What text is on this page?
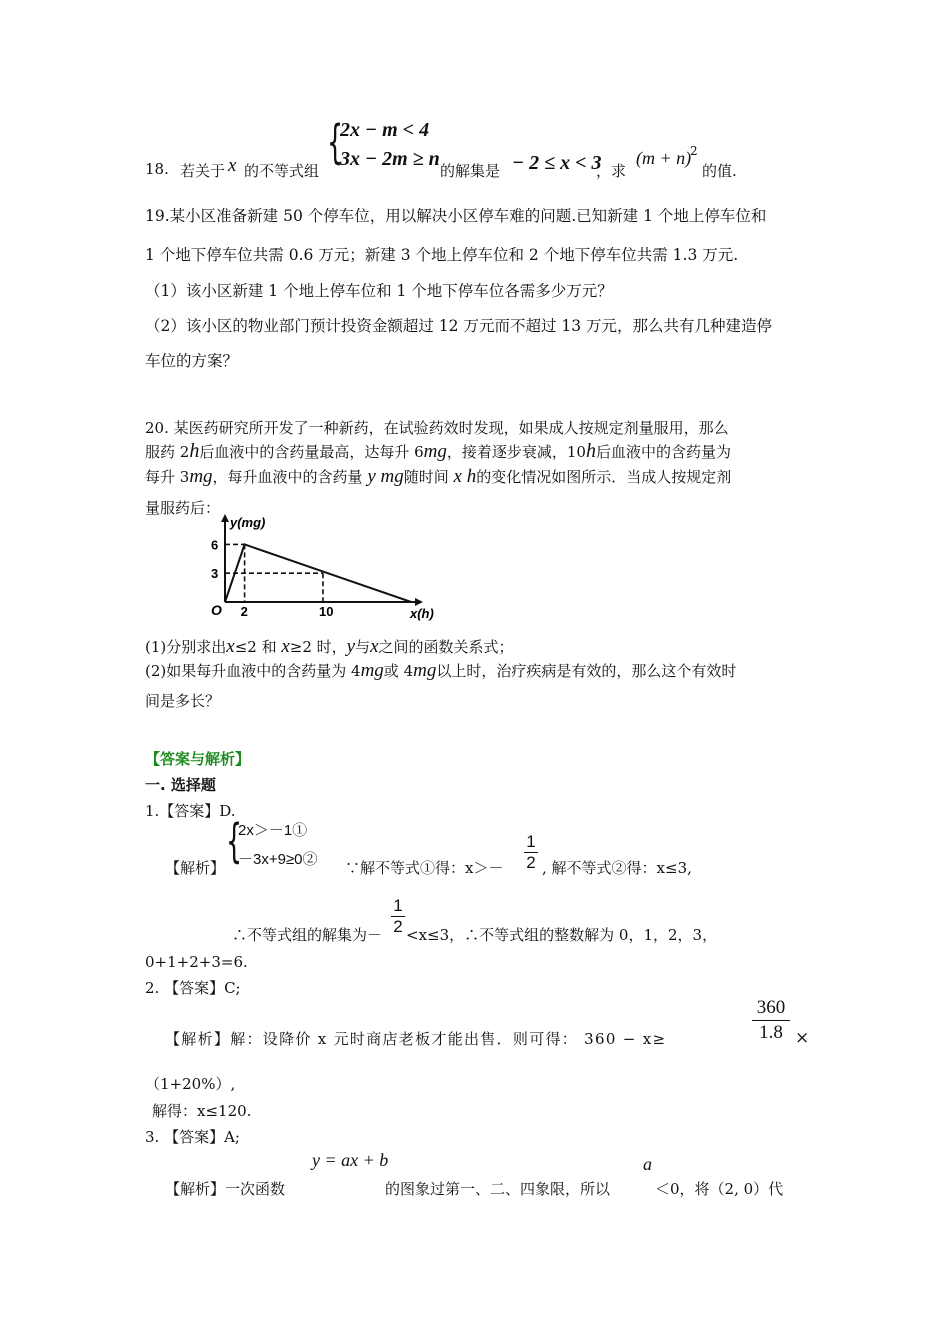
18. 若关于 x 的不等式组
{
2x − m < 4
3x − 2m ≥ n
的解集是 − 2 ≤ x < 3
，求
(m + n)
2
的值.
19.某小区准备新建 50 个停车位，用以解决小区停车难的问题.已知新建 1 个地上停车位和
1 个地下停车位共需 0.6 万元；新建 3 个地上停车位和 2 个地下停车位共需 1.3 万元.
（1）该小区新建 1 个地上停车位和 1 个地下停车位各需多少万元？
（2）该小区的物业部门预计投资金额超过 12 万元而不超过 13 万元，那么共有几种建造停
车位的方案？
20. 某医药研究所开发了一种新药，在试验药效时发现，如果成人按规定剂量服用，那么
服药 2h后血液中的含药量最高，达每升 6mg，接着逐步衰减，10h后血液中的含药量为
每升 3mg，每升血液中的含药量 y mg随时间 x h的变化情况如图所示．当成人按规定剂
量服药后：
y(mg)
x(h)
O 2	10
6
3
(1)分别求出x≤2 和 x≥2 时，y与x之间的函数关系式；
(2)如果每升血液中的含药量为 4mg或 4mg以上时，治疗疾病是有效的，那么这个有效时
间是多长？
【答案与解析】
一. 选择题
1.【答案】D.
【解析】 {
2x＞－1①
－3x+9≥0② ∵解不等式①得：$x>- \frac{1}{2}$ , 解不等式②得：x≤3,
∴不等式组的解集为－ $\frac{1}{2} <x\le 3$，∴不等式组的整数解为 0，1，2，3，
0+1+2+3=6.
2. 【答案】C;
【解析】解：设降价 x 元时商店老板才能出售．则可得： 360 − x≥	$\frac{360}{1.8}$ ×
（1+20%）,
解得：x≤120.
3. 【答案】A;
y = ax + b	a
【解析】一次函数	的图象过第一、二、四象限，所以	＜0，将（2, 0）代
